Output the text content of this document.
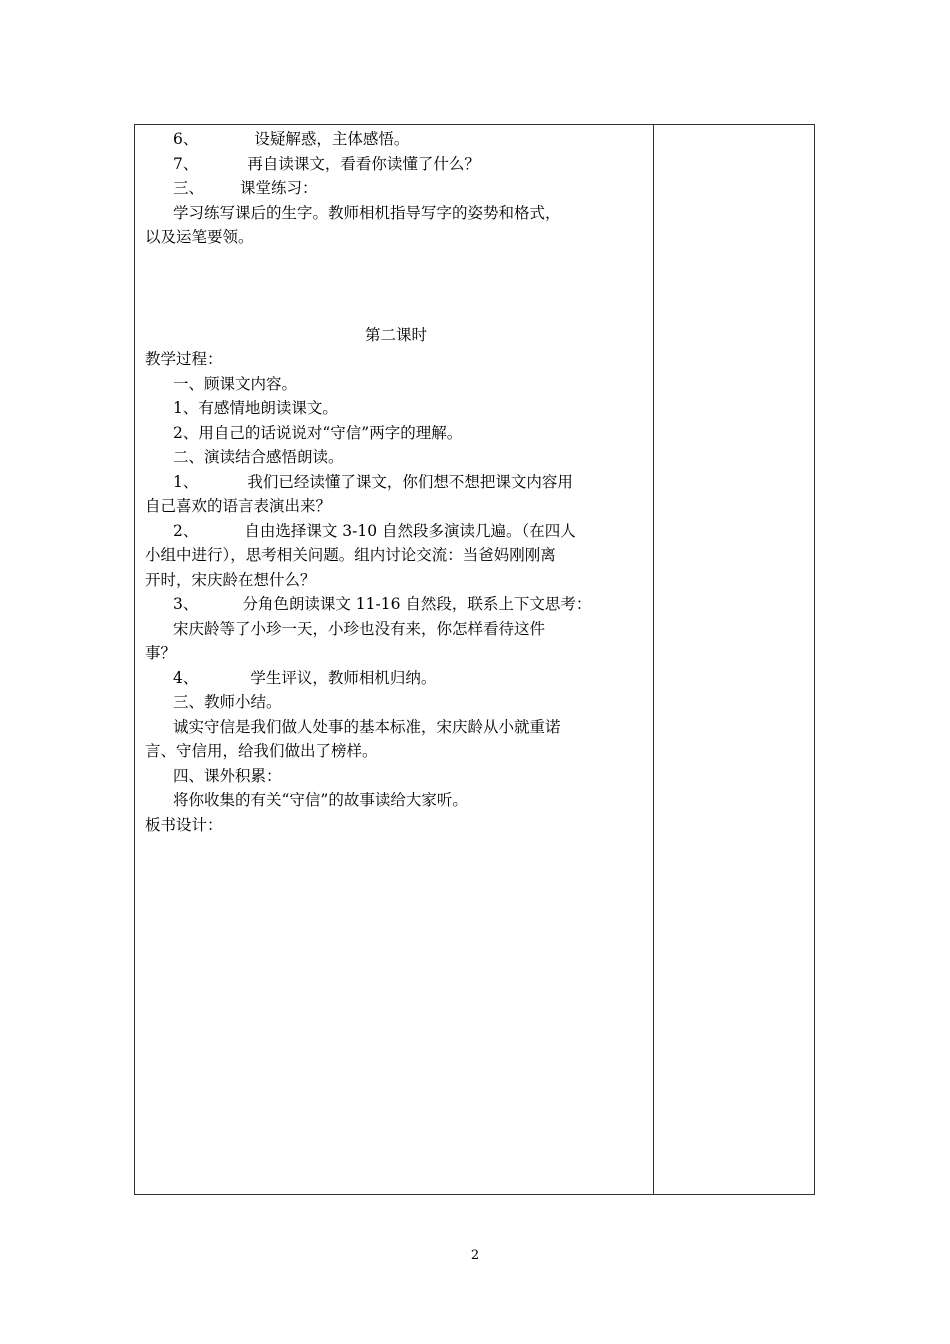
6、	设疑解惑，主体感悟。
7、	再自读课文，看看你读懂了什么？
三、 课堂练习：
学习练写课后的生字。教师相机指导写字的姿势和格式，
以及运笔要领。
第二课时
教学过程：
一、顾课文内容。
1、有感情地朗读课文。
2、用自己的话说说对“守信”两字的理解。
二、演读结合感悟朗读。
1、	我们已经读懂了课文，你们想不想把课文内容用
自己喜欢的语言表演出来？
2、	自由选择课文 3-10 自然段多演读几遍。（在四人
小组中进行），思考相关问题。组内讨论交流：当爸妈刚刚离
开时，宋庆龄在想什么？
3、	分角色朗读课文 11-16 自然段，联系上下文思考：
宋庆龄等了小珍一天，小珍也没有来，你怎样看待这件
事？
4、	学生评议，教师相机归纳。
三、教师小结。
诚实守信是我们做人处事的基本标准，宋庆龄从小就重诺
言、守信用，给我们做出了榜样。
四、课外积累：
将你收集的有关“守信”的故事读给大家听。
板书设计：
2
